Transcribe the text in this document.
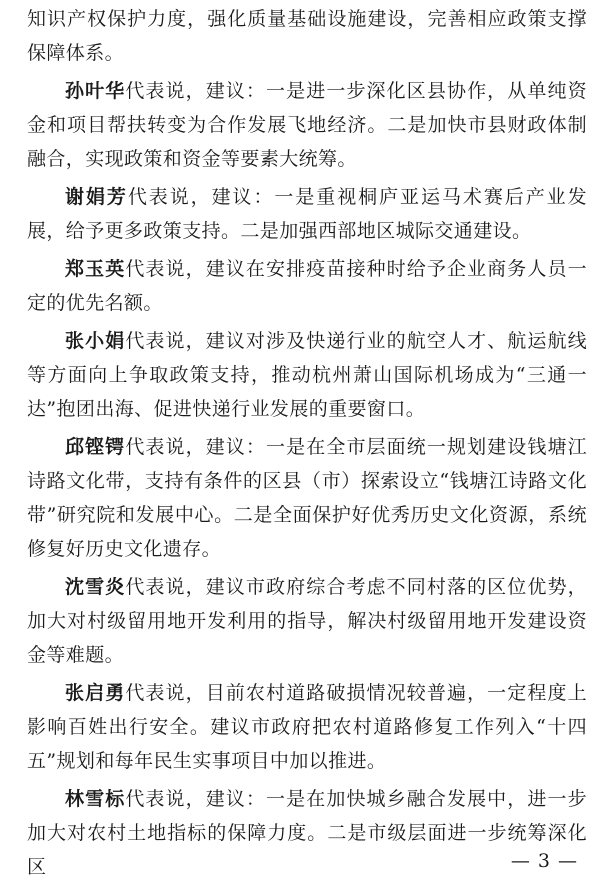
知识产权保护力度，强化质量基础设施建设，完善相应政策支撑保障体系。

孙叶华代表说，建议：一是进一步深化区县协作，从单纯资金和项目帮扶转变为合作发展飞地经济。二是加快市县财政体制融合，实现政策和资金等要素大统筹。

谢娟芳代表说，建议：一是重视桐庐亚运马术赛后产业发展，给予更多政策支持。二是加强西部地区城际交通建设。

郑玉英代表说，建议在安排疫苗接种时给予企业商务人员一定的优先名额。

张小娟代表说，建议对涉及快递行业的航空人才、航运航线等方面向上争取政策支持，推动杭州萧山国际机场成为“三通一达”抱团出海、促进快递行业发展的重要窗口。

邱铿锷代表说，建议：一是在全市层面统一规划建设钱塘江诗路文化带，支持有条件的区县（市）探索设立“钱塘江诗路文化带”研究院和发展中心。二是全面保护好优秀历史文化资源，系统修复好历史文化遗存。

沈雪炎代表说，建议市政府综合考虑不同村落的区位优势，加大对村级留用地开发利用的指导，解决村级留用地开发建设资金等难题。

张启勇代表说，目前农村道路破损情况较普遍，一定程度上影响百姓出行安全。建议市政府把农村道路修复工作列入“十四五”规划和每年民生实事项目中加以推进。

林雪标代表说，建议：一是在加快城乡融合发展中，进一步加大对农村土地指标的保障力度。二是市级层面进一步统筹深化区	— 3 —
